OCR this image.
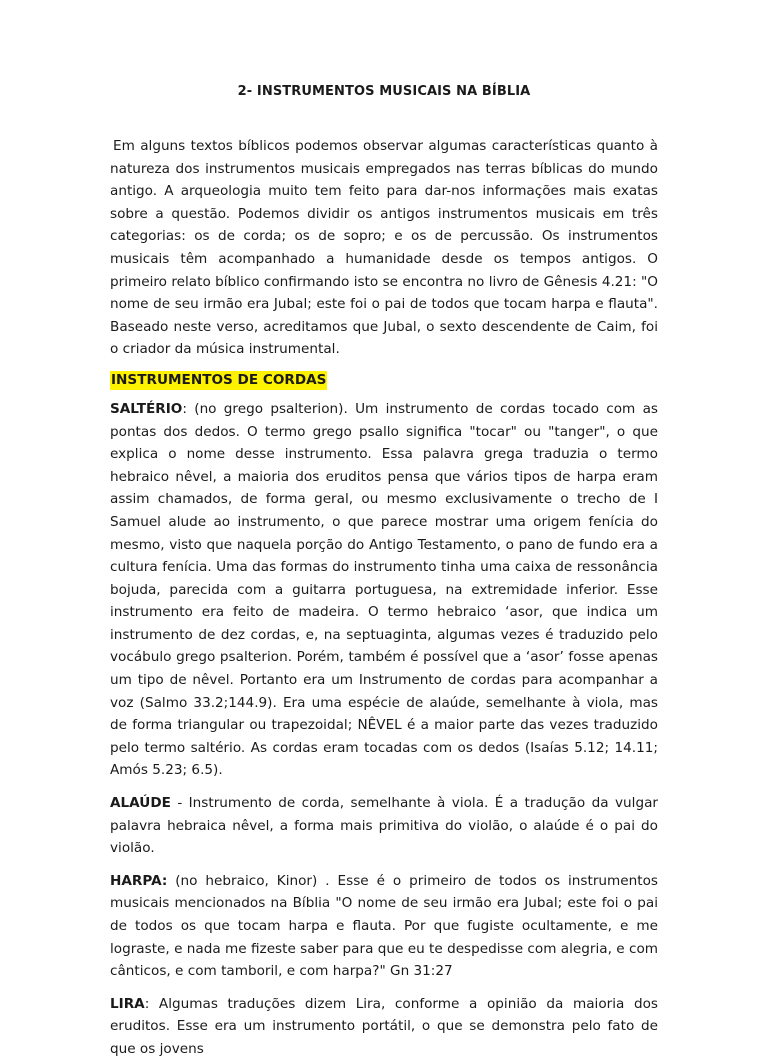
2- INSTRUMENTOS MUSICAIS NA BÍBLIA

Em alguns textos bíblicos podemos observar algumas características quanto à natureza dos instrumentos musicais empregados nas terras bíblicas do mundo antigo. A arqueologia muito tem feito para dar-nos informações mais exatas sobre a questão. Podemos dividir os antigos instrumentos musicais em três categorias: os de corda; os de sopro; e os de percussão. Os instrumentos musicais têm acompanhado a humanidade desde os tempos antigos. O primeiro relato bíblico confirmando isto se encontra no livro de Gênesis 4.21: "O nome de seu irmão era Jubal; este foi o pai de todos que tocam harpa e flauta". Baseado neste verso, acreditamos que Jubal, o sexto descendente de Caim, foi o criador da música instrumental.

INSTRUMENTOS DE CORDAS

SALTÉRIO: (no grego psalterion). Um instrumento de cordas tocado com as pontas dos dedos. O termo grego psallo significa "tocar" ou "tanger", o que explica o nome desse instrumento. Essa palavra grega traduzia o termo hebraico nêvel, a maioria dos eruditos pensa que vários tipos de harpa eram assim chamados, de forma geral, ou mesmo exclusivamente o trecho de I Samuel alude ao instrumento, o que parece mostrar uma origem fenícia do mesmo, visto que naquela porção do Antigo Testamento, o pano de fundo era a cultura fenícia. Uma das formas do instrumento tinha uma caixa de ressonância bojuda, parecida com a guitarra portuguesa, na extremidade inferior. Esse instrumento era feito de madeira. O termo hebraico ‘asor, que indica um instrumento de dez cordas, e, na septuaginta, algumas vezes é traduzido pelo vocábulo grego psalterion. Porém, também é possível que a ‘asor’ fosse apenas um tipo de nêvel. Portanto era um Instrumento de cordas para acompanhar a voz (Salmo 33.2;144.9). Era uma espécie de alaúde, semelhante à viola, mas de forma triangular ou trapezoidal; NÊVEL é a maior parte das vezes traduzido pelo termo saltério. As cordas eram tocadas com os dedos (Isaías 5.12; 14.11; Amós 5.23; 6.5).

ALAÚDE - Instrumento de corda, semelhante à viola. É a tradução da vulgar palavra hebraica nêvel, a forma mais primitiva do violão, o alaúde é o pai do violão.

HARPA: (no hebraico, Kinor) . Esse é o primeiro de todos os instrumentos musicais mencionados na Bíblia "O nome de seu irmão era Jubal; este foi o pai de todos os que tocam harpa e flauta. Por que fugiste ocultamente, e me lograste, e nada me fizeste saber para que eu te despedisse com alegria, e com cânticos, e com tamboril, e com harpa?" Gn 31:27

LIRA: Algumas traduções dizem Lira, conforme a opinião da maioria dos eruditos. Esse era um instrumento portátil, o que se demonstra pelo fato de que os jovens
